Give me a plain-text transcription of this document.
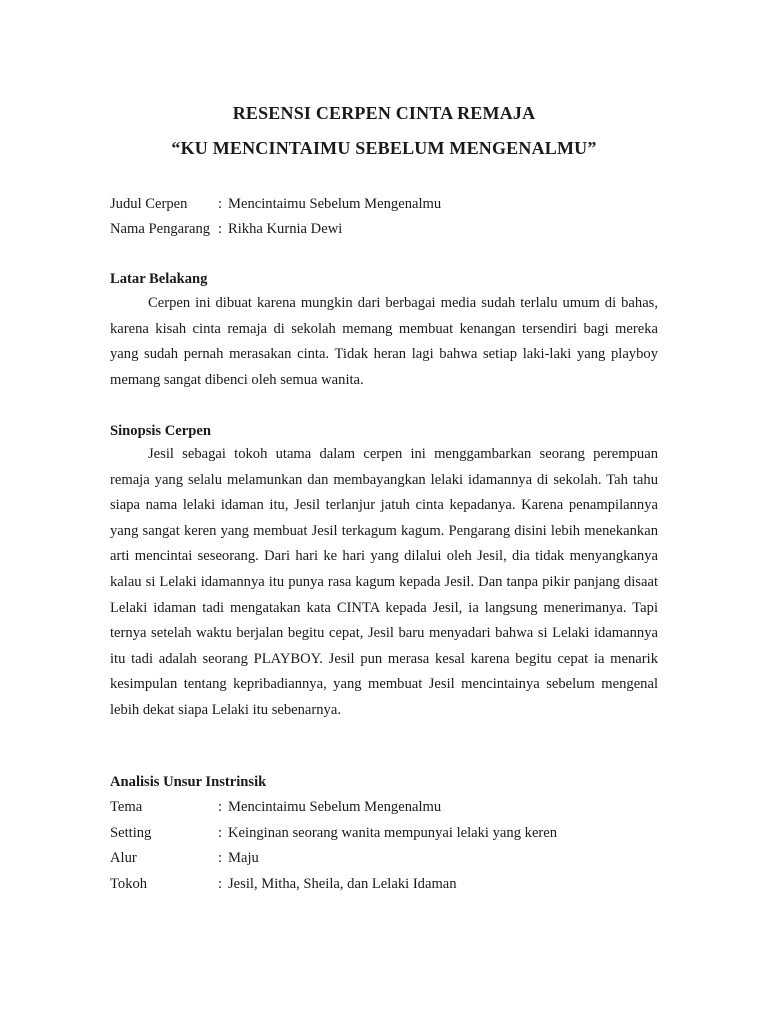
RESENSI CERPEN CINTA REMAJA
“KU MENCINTAIMU SEBELUM MENGENALMU”
Judul Cerpen : Mencintaimu Sebelum Mengenalmu
Nama Pengarang : Rikha Kurnia Dewi
Latar Belakang
Cerpen ini dibuat karena mungkin dari berbagai media sudah terlalu umum di bahas, karena kisah cinta remaja di sekolah memang membuat kenangan tersendiri bagi mereka yang sudah pernah merasakan cinta. Tidak heran lagi bahwa setiap laki-laki yang playboy memang sangat dibenci oleh semua wanita.
Sinopsis Cerpen
Jesil sebagai tokoh utama dalam cerpen ini menggambarkan seorang perempuan remaja yang selalu melamunkan dan membayangkan lelaki idamannya di sekolah. Tah tahu siapa nama lelaki idaman itu, Jesil terlanjur jatuh cinta kepadanya. Karena penampilannya yang sangat keren yang membuat Jesil terkagum kagum. Pengarang disini lebih menekankan arti mencintai seseorang. Dari hari ke hari yang dilalui oleh Jesil, dia tidak menyangkanya kalau si Lelaki idamannya itu punya rasa kagum kepada Jesil. Dan tanpa pikir panjang disaat Lelaki idaman tadi mengatakan kata CINTA kepada Jesil, ia langsung menerimanya. Tapi ternya setelah waktu berjalan begitu cepat, Jesil baru menyadari bahwa si Lelaki idamannya itu tadi adalah seorang PLAYBOY. Jesil pun merasa kesal karena begitu cepat ia menarik kesimpulan tentang kepribadiannya, yang membuat Jesil mencintainya sebelum mengenal lebih dekat siapa Lelaki itu sebenarnya.
Analisis Unsur Instrinsik
Tema	: Mencintaimu Sebelum Mengenalmu
Setting	: Keinginan seorang wanita mempunyai lelaki yang keren
Alur	: Maju
Tokoh	: Jesil, Mitha, Sheila, dan Lelaki Idaman
